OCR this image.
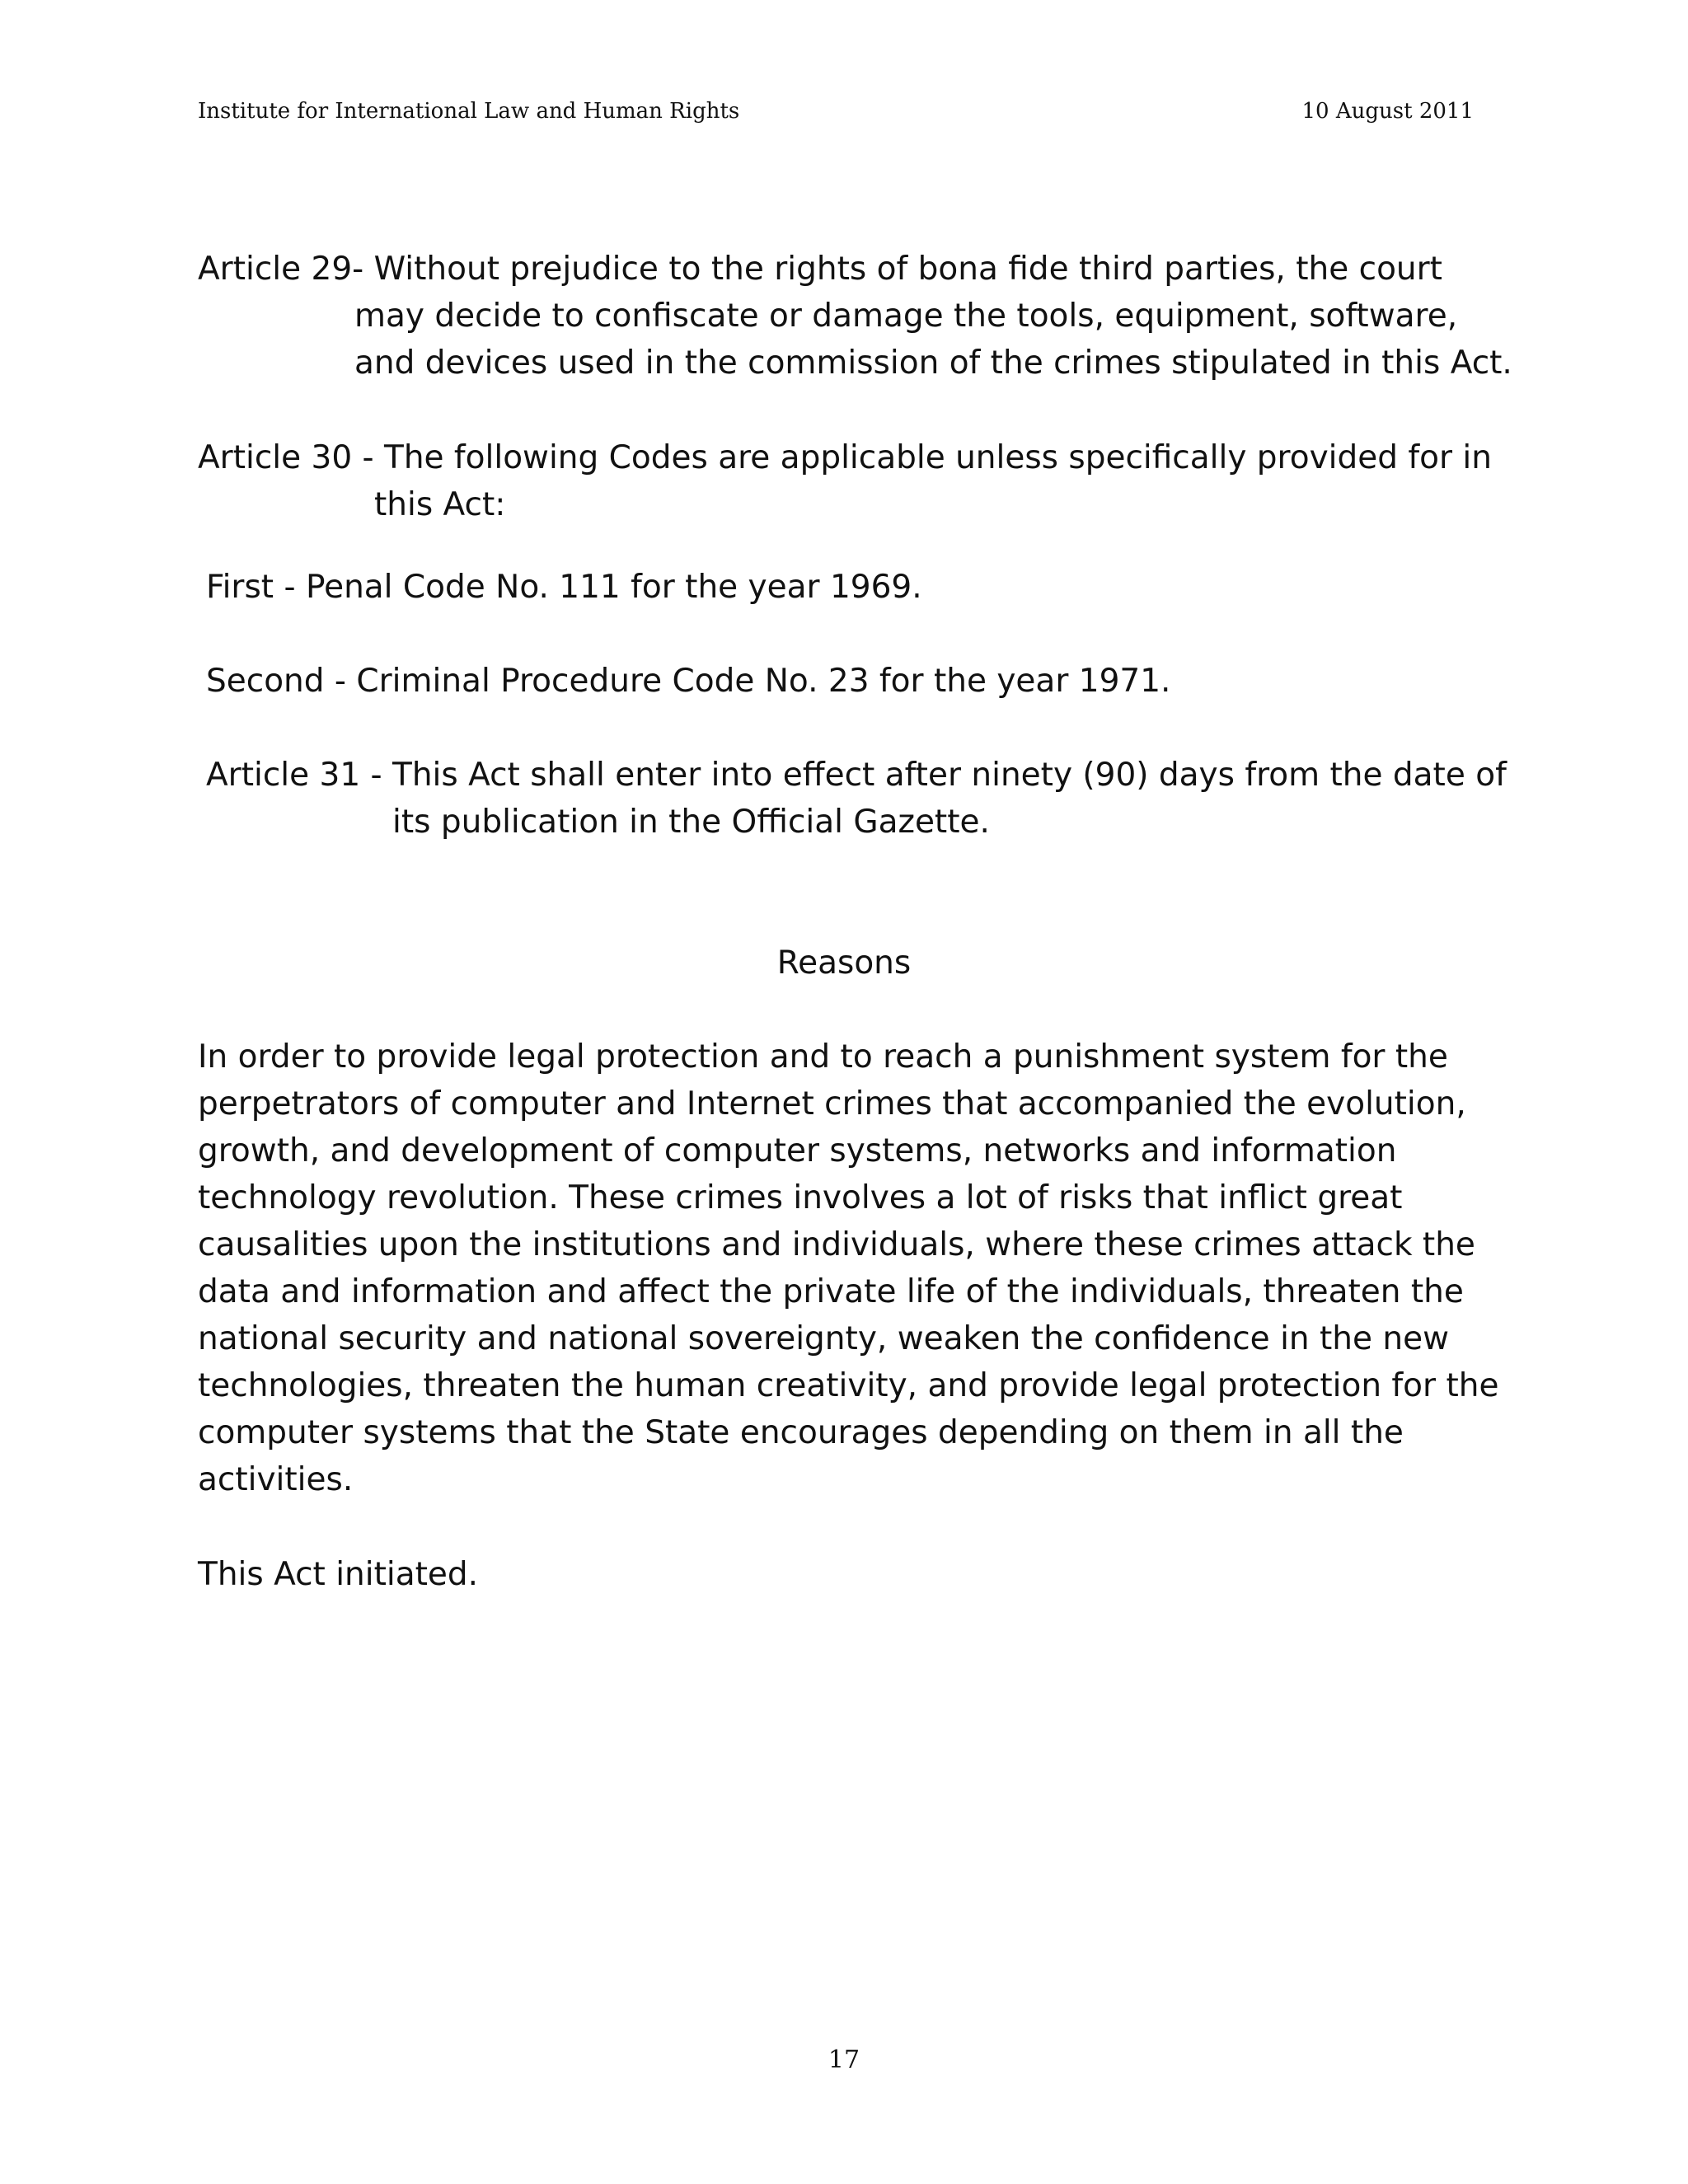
Institute for International Law and Human Rights	10 August 2011
Article 29- Without prejudice to the rights of bona fide third parties, the court
may decide to confiscate or damage the tools, equipment, software,
and devices used in the commission of the crimes stipulated in this Act.
Article 30 - The following Codes are applicable unless specifically provided for in
this Act:

First - Penal Code No. 111 for the year 1969.

Second - Criminal Procedure Code No. 23 for the year 1971.

Article 31 - This Act shall enter into effect after ninety (90) days from the date of
its publication in the Official Gazette.
Reasons
In order to provide legal protection and to reach a punishment system for the
perpetrators of computer and Internet crimes that accompanied the evolution,
growth, and development of computer systems, networks and information
technology revolution. These crimes involves a lot of risks that inflict great
causalities upon the institutions and individuals, where these crimes attack the
data and information and affect the private life of the individuals, threaten the
national security and national sovereignty, weaken the confidence in the new
technologies, threaten the human creativity, and provide legal protection for the
computer systems that the State encourages depending on them in all the
activities.

This Act initiated.

17
